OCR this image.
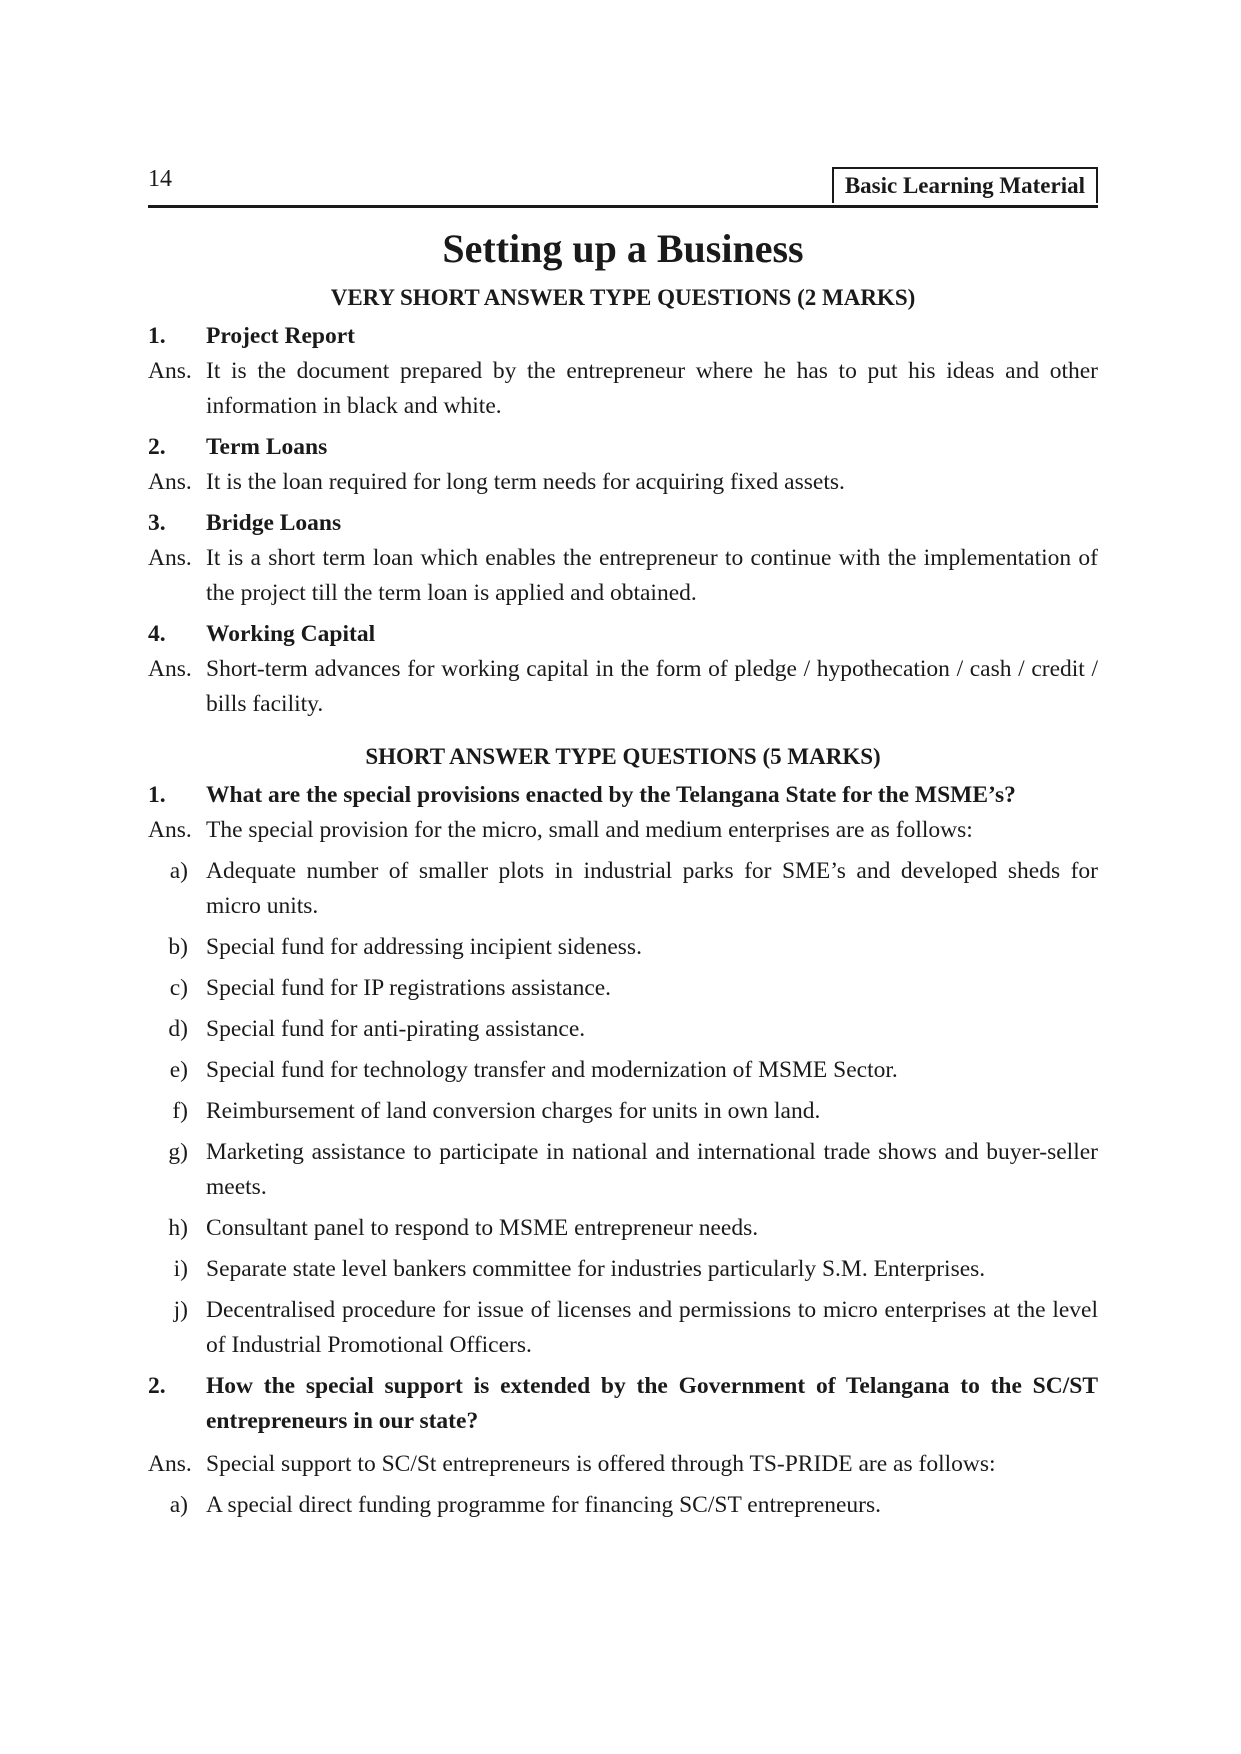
14	Basic Learning Material
Setting up a Business
VERY SHORT ANSWER TYPE QUESTIONS (2 MARKS)
1.	Project Report
Ans. It is the document prepared by the entrepreneur where he has to put his ideas and other information in black and white.
2.	Term Loans
Ans. It is the loan required for long term needs for acquiring fixed assets.
3.	Bridge Loans
Ans. It is a short term loan which enables the entrepreneur to continue with the implementation of the project till the term loan is applied and obtained.
4.	Working Capital
Ans. Short-term advances for working capital in the form of pledge / hypothecation / cash / credit / bills facility.
SHORT ANSWER TYPE QUESTIONS (5 MARKS)
1.	What are the special provisions enacted by the Telangana State for the MSME’s?
Ans. The special provision for the micro, small and medium enterprises are as follows:
a) Adequate number of smaller plots in industrial parks for SME’s and developed sheds for micro units.
b) Special fund for addressing incipient sideness.
c) Special fund for IP registrations assistance.
d) Special fund for anti-pirating assistance.
e) Special fund for technology transfer and modernization of MSME Sector.
f) Reimbursement of land conversion charges for units in own land.
g) Marketing assistance to participate in national and international trade shows and buyer-seller meets.
h) Consultant panel to respond to MSME entrepreneur needs.
i) Separate state level bankers committee for industries particularly S.M. Enterprises.
j) Decentralised procedure for issue of licenses and permissions to micro enterprises at the level of Industrial Promotional Officers.
2.	How the special support is extended by the Government of Telangana to the SC/ST entrepreneurs in our state?
Ans. Special support to SC/St entrepreneurs is offered through TS-PRIDE are as follows:
a) A special direct funding programme for financing SC/ST entrepreneurs.
